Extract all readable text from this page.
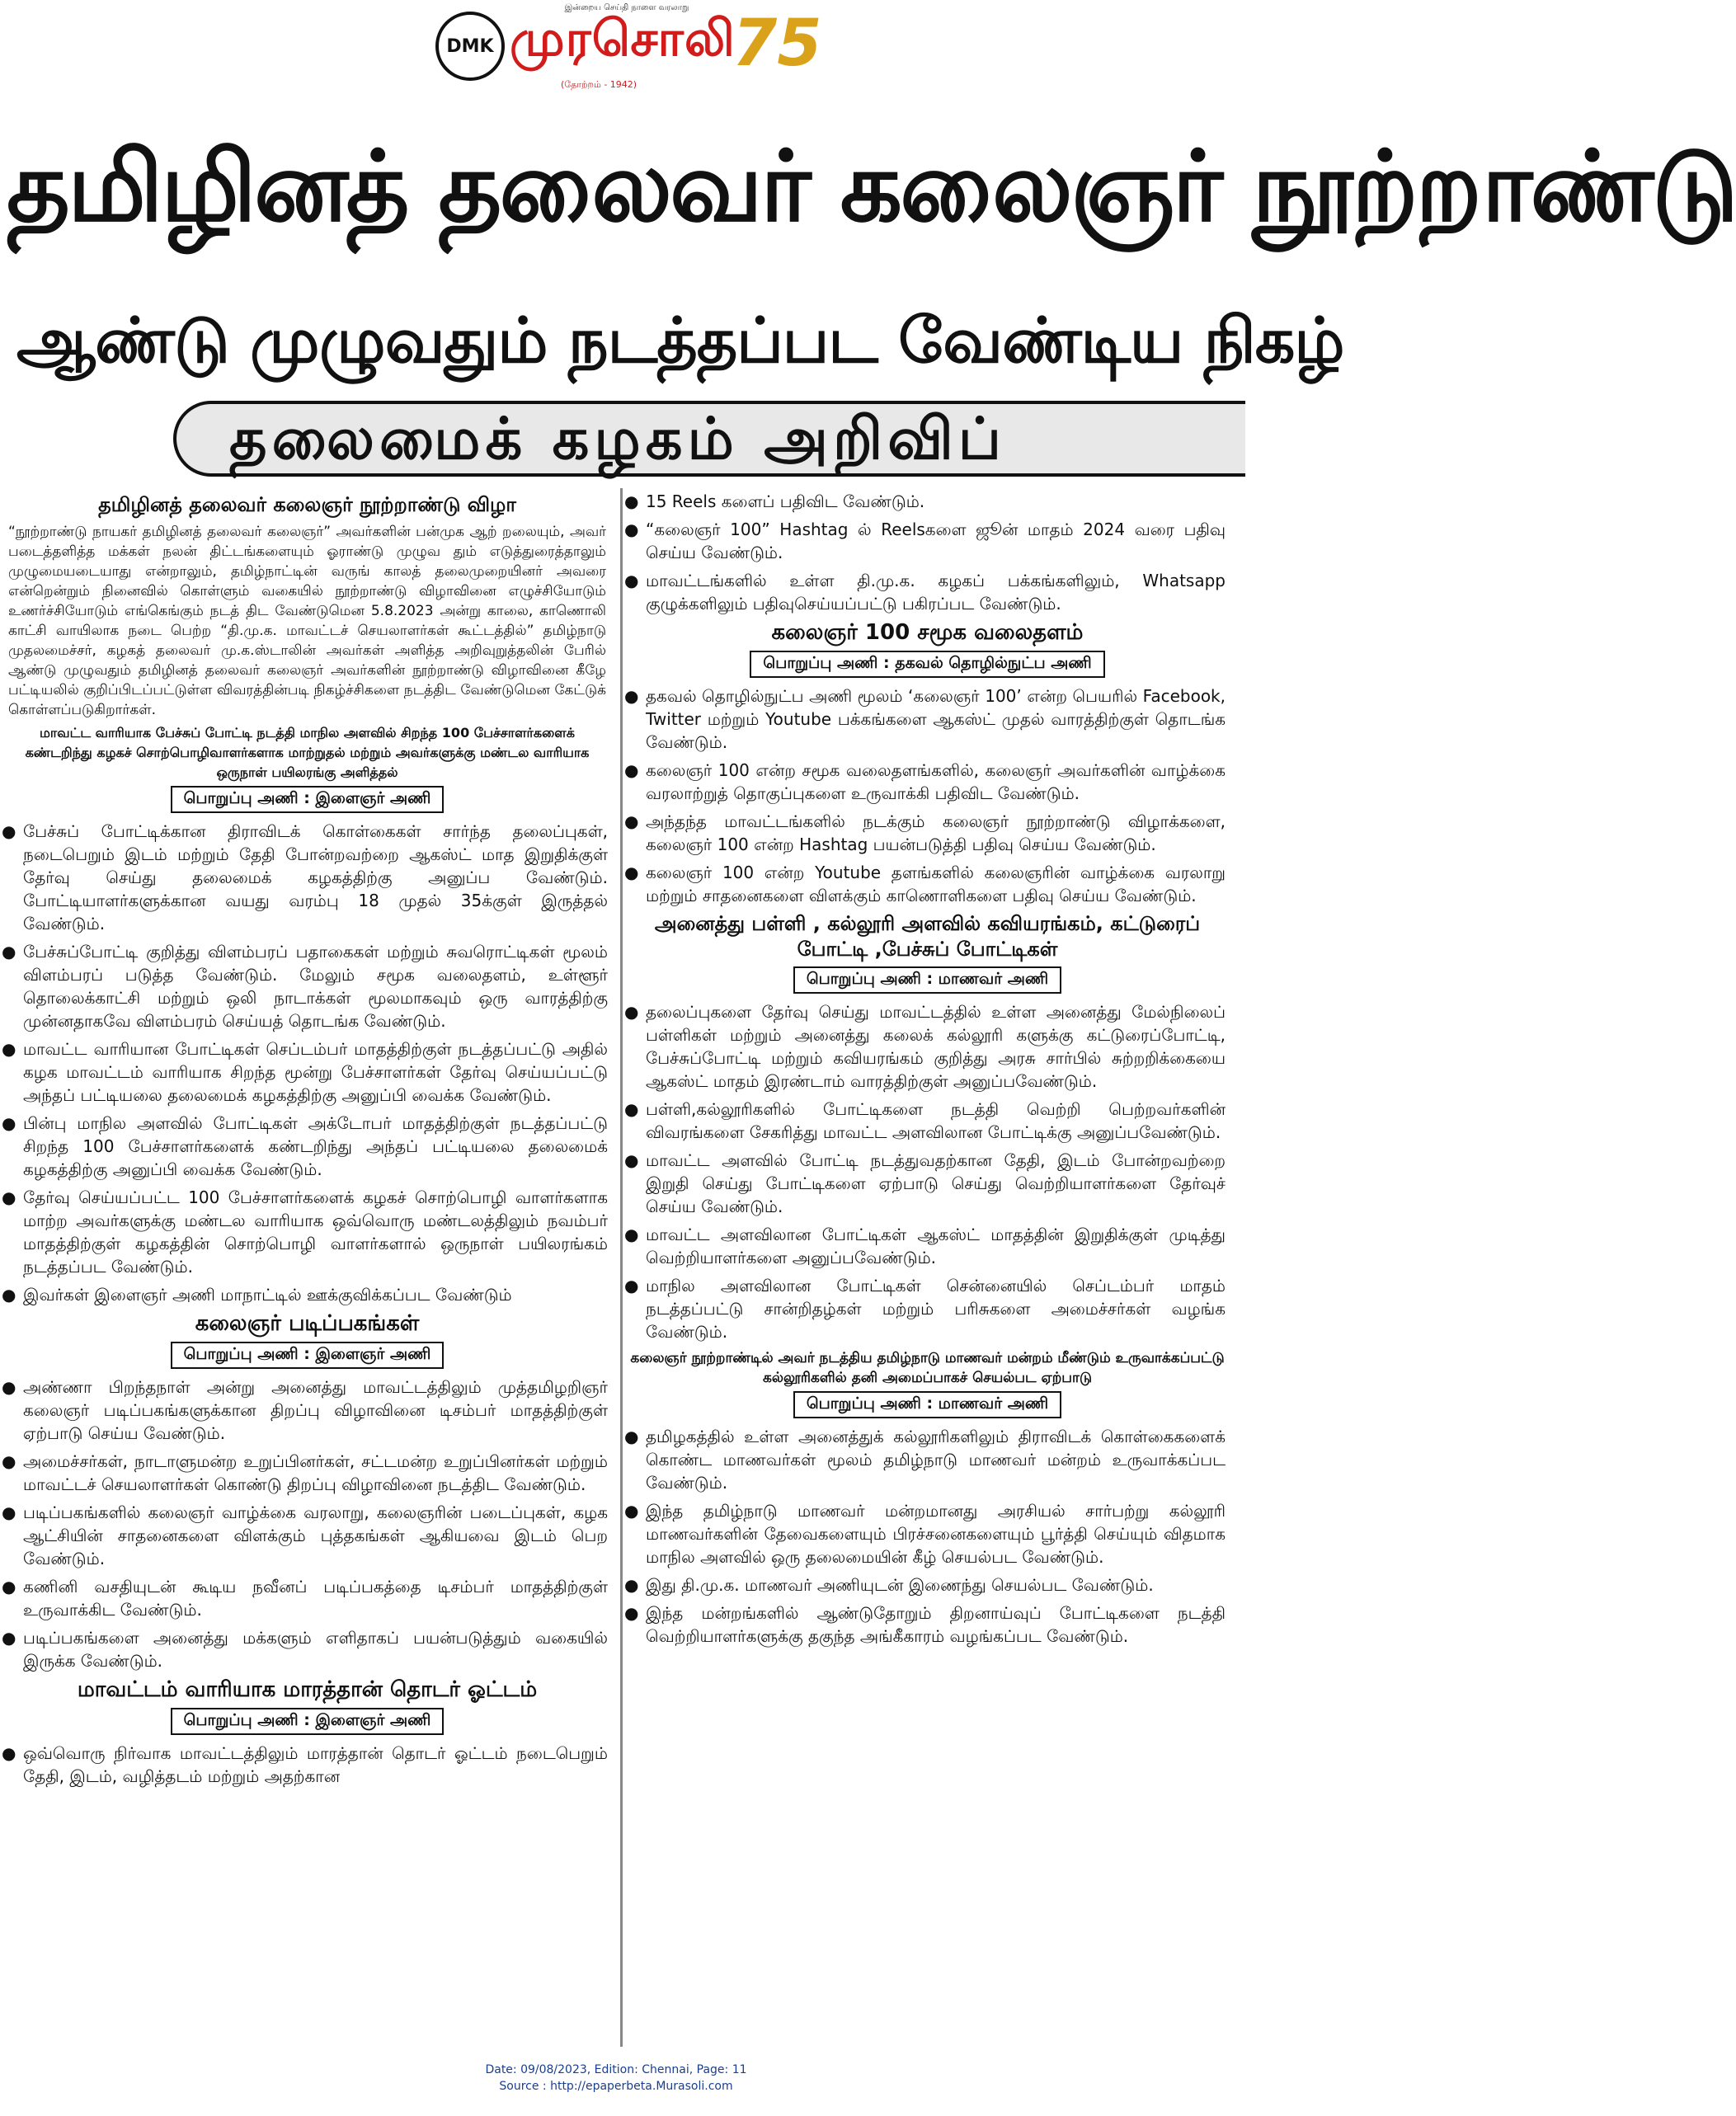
இன்றைய செய்தி நாளை வரலாறு
DMK முரசொலி
(தோற்றம் - 1942)
75
தமிழினத் தலைவர் கலைஞர் நூற்றாண்டு
ஆண்டு முழுவதும் நடத்தப்பட வேண்டிய நிகழ்
தலைமைக் கழகம் அறிவிப்
தமிழினத் தலைவர் கலைஞர் நூற்றாண்டு விழா

“நூற்றாண்டு நாயகர் தமிழினத் தலைவர் கலைஞர்” அவர்களின் பன்முக ஆற் றலையும், அவர் படைத்தளித்த மக்கள் நலன் திட்டங்களையும் ஓராண்டு முழுவ தும் எடுத்துரைத்தாலும் முழுமையடையாது என்றாலும், தமிழ்நாட்டின் வருங் காலத் தலைமுறையினர் அவரை என்றென்றும் நினைவில் கொள்ளும் வகையில் நூற்றாண்டு விழாவினை எழுச்சியோடும் உணர்ச்சியோடும் எங்கெங்கும் நடத் திட வேண்டுமென 5.8.2023 அன்று காலை, காணொலி காட்சி வாயிலாக நடை பெற்ற “தி.மு.க. மாவட்டச் செயலாளர்கள் கூட்டத்தில்” தமிழ்நாடு முதலமைச்சர், கழகத் தலைவர் மு.க.ஸ்டாலின் அவர்கள் அளித்த அறிவுறுத்தலின் பேரில் ஆண்டு முழுவதும் தமிழினத் தலைவர் கலைஞர் அவர்களின் நூற்றாண்டு விழாவினை கீழே பட்டியலில் குறிப்பிடப்பட்டுள்ள விவரத்தின்படி நிகழ்ச்சிகளை நடத்திட வேண்டுமென கேட்டுக் கொள்ளப்படுகிறார்கள்.

மாவட்ட வாரியாக பேச்சுப் போட்டி நடத்தி மாநில அளவில் சிறந்த 100 பேச்சாளர்களைக் கண்டறிந்து கழகச் சொற்பொழிவாளர்களாக மாற்றுதல் மற்றும் அவர்களுக்கு மண்டல வாரியாக ஒருநாள் பயிலரங்கு அளித்தல்
பொறுப்பு அணி : இளைஞர் அணி
● பேச்சுப் போட்டிக்கான திராவிடக் கொள்கைகள் சார்ந்த தலைப்புகள், நடைபெறும் இடம் மற்றும் தேதி போன்றவற்றை ஆகஸ்ட் மாத இறுதிக்குள் தேர்வு செய்து தலைமைக் கழகத்திற்கு அனுப்ப வேண்டும். போட்டியாளர்களுக்கான வயது வரம்பு 18 முதல் 35க்குள் இருத்தல் வேண்டும்.
● பேச்சுப்போட்டி குறித்து விளம்பரப் பதாகைகள் மற்றும் சுவரொட்டிகள் மூலம் விளம்பரப் படுத்த வேண்டும். மேலும் சமூக வலைதளம், உள்ளூர் தொலைக்காட்சி மற்றும் ஒலி நாடாக்கள் மூலமாகவும் ஒரு வாரத்திற்கு முன்னதாகவே விளம்பரம் செய்யத் தொடங்க வேண்டும்.
● மாவட்ட வாரியான போட்டிகள் செப்டம்பர் மாதத்திற்குள் நடத்தப்பட்டு அதில் கழக மாவட்டம் வாரியாக சிறந்த மூன்று பேச்சாளர்கள் தேர்வு செய்யப்பட்டு அந்தப் பட்டியலை தலைமைக் கழகத்திற்கு அனுப்பி வைக்க வேண்டும்.
● பின்பு மாநில அளவில் போட்டிகள் அக்டோபர் மாதத்திற்குள் நடத்தப்பட்டு சிறந்த 100 பேச்சாளர்களைக் கண்டறிந்து அந்தப் பட்டியலை தலைமைக் கழகத்திற்கு அனுப்பி வைக்க வேண்டும்.
● தேர்வு செய்யப்பட்ட 100 பேச்சாளர்களைக் கழகச் சொற்பொழி வாளர்களாக மாற்ற அவர்களுக்கு மண்டல வாரியாக ஒவ்வொரு மண்டலத்திலும் நவம்பர் மாதத்திற்குள் கழகத்தின் சொற்பொழி வாளர்களால் ஒருநாள் பயிலரங்கம் நடத்தப்பட வேண்டும்.
● இவர்கள் இளைஞர் அணி மாநாட்டில் ஊக்குவிக்கப்பட வேண்டும்
கலைஞர் படிப்பகங்கள்
பொறுப்பு அணி : இளைஞர் அணி
● அண்ணா பிறந்தநாள் அன்று அனைத்து மாவட்டத்திலும் முத்தமிழறிஞர் கலைஞர் படிப்பகங்களுக்கான திறப்பு விழாவினை டிசம்பர் மாதத்திற்குள் ஏற்பாடு செய்ய வேண்டும்.
● அமைச்சர்கள், நாடாளுமன்ற உறுப்பினர்கள், சட்டமன்ற உறுப்பினர்கள் மற்றும் மாவட்டச் செயலாளர்கள் கொண்டு திறப்பு விழாவினை நடத்திட வேண்டும்.
● படிப்பகங்களில் கலைஞர் வாழ்க்கை வரலாறு, கலைஞரின் படைப்புகள், கழக ஆட்சியின் சாதனைகளை விளக்கும் புத்தகங்கள் ஆகியவை இடம் பெற வேண்டும்.
● கணினி வசதியுடன் கூடிய நவீனப் படிப்பகத்தை டிசம்பர் மாதத்திற்குள் உருவாக்கிட வேண்டும்.
● படிப்பகங்களை அனைத்து மக்களும் எளிதாகப் பயன்படுத்தும் வகையில் இருக்க வேண்டும்.
மாவட்டம் வாரியாக மாரத்தான் தொடர் ஓட்டம்
பொறுப்பு அணி : இளைஞர் அணி
● ஒவ்வொரு நிர்வாக மாவட்டத்திலும் மாரத்தான் தொடர் ஓட்டம் நடைபெறும் தேதி, இடம், வழித்தடம் மற்றும் அதற்கான
● 15 Reels களைப் பதிவிட வேண்டும்.
● “கலைஞர் 100” Hashtag ல் Reelsகளை ஜூன் மாதம் 2024 வரை பதிவு செய்ய வேண்டும்.
● மாவட்டங்களில் உள்ள தி.மு.க. கழகப் பக்கங்களிலும், Whatsapp குழுக்களிலும் பதிவுசெய்யப்பட்டு பகிரப்பட வேண்டும்.
கலைஞர் 100 சமூக வலைதளம்
பொறுப்பு அணி : தகவல் தொழில்நுட்ப அணி
● தகவல் தொழில்நுட்ப அணி மூலம் ‘கலைஞர் 100’ என்ற பெயரில் Facebook, Twitter மற்றும் Youtube பக்கங்களை ஆகஸ்ட் முதல் வாரத்திற்குள் தொடங்க வேண்டும்.
● கலைஞர் 100 என்ற சமூக வலைதளங்களில், கலைஞர் அவர்களின் வாழ்க்கை வரலாற்றுத் தொகுப்புகளை உருவாக்கி பதிவிட வேண்டும்.
● அந்தந்த மாவட்டங்களில் நடக்கும் கலைஞர் நூற்றாண்டு விழாக்களை, கலைஞர் 100 என்ற Hashtag பயன்படுத்தி பதிவு செய்ய வேண்டும்.
● கலைஞர் 100 என்ற Youtube தளங்களில் கலைஞரின் வாழ்க்கை வரலாறு மற்றும் சாதனைகளை விளக்கும் காணொளிகளை பதிவு செய்ய வேண்டும்.
அனைத்து பள்ளி , கல்லூரி அளவில் கவியரங்கம், கட்டுரைப் போட்டி ,பேச்சுப் போட்டிகள்
பொறுப்பு அணி : மாணவர் அணி
● தலைப்புகளை தேர்வு செய்து மாவட்டத்தில் உள்ள அனைத்து மேல்நிலைப் பள்ளிகள் மற்றும் அனைத்து கலைக் கல்லூரி களுக்கு கட்டுரைப்போட்டி, பேச்சுப்போட்டி மற்றும் கவியரங்கம் குறித்து அரசு சார்பில் சுற்றறிக்கையை ஆகஸ்ட் மாதம் இரண்டாம் வாரத்திற்குள் அனுப்பவேண்டும்.
● பள்ளி,கல்லூரிகளில் போட்டிகளை நடத்தி வெற்றி பெற்றவர்களின் விவரங்களை சேகரித்து மாவட்ட அளவிலான போட்டிக்கு அனுப்பவேண்டும்.
● மாவட்ட அளவில் போட்டி நடத்துவதற்கான தேதி, இடம் போன்றவற்றை இறுதி செய்து போட்டிகளை ஏற்பாடு செய்து வெற்றியாளர்களை தேர்வுச் செய்ய வேண்டும்.
● மாவட்ட அளவிலான போட்டிகள் ஆகஸ்ட் மாதத்தின் இறுதிக்குள் முடித்து வெற்றியாளர்களை அனுப்பவேண்டும்.
● மாநில அளவிலான போட்டிகள் சென்னையில் செப்டம்பர் மாதம் நடத்தப்பட்டு சான்றிதழ்கள் மற்றும் பரிசுகளை அமைச்சர்கள் வழங்க வேண்டும்.
கலைஞர் நூற்றாண்டில் அவர் நடத்திய தமிழ்நாடு மாணவர் மன்றம் மீண்டும் உருவாக்கப்பட்டு கல்லூரிகளில் தனி அமைப்பாகச் செயல்பட ஏற்பாடு
பொறுப்பு அணி : மாணவர் அணி
● தமிழகத்தில் உள்ள அனைத்துக் கல்லூரிகளிலும் திராவிடக் கொள்கைகளைக் கொண்ட மாணவர்கள் மூலம் தமிழ்நாடு மாணவர் மன்றம் உருவாக்கப்பட வேண்டும்.
● இந்த தமிழ்நாடு மாணவர் மன்றமானது அரசியல் சார்பற்று கல்லூரி மாணவர்களின் தேவைகளையும் பிரச்சனைகளையும் பூர்த்தி செய்யும் விதமாக மாநில அளவில் ஒரு தலைமையின் கீழ் செயல்பட வேண்டும்.
● இது தி.மு.க. மாணவர் அணியுடன் இணைந்து செயல்பட வேண்டும்.
● இந்த மன்றங்களில் ஆண்டுதோறும் திறனாய்வுப் போட்டிகளை நடத்தி வெற்றியாளர்களுக்கு தகுந்த அங்கீகாரம் வழங்கப்பட வேண்டும்.
Date: 09/08/2023, Edition: Chennai, Page: 11
Source : http://epaperbeta.Murasoli.com
